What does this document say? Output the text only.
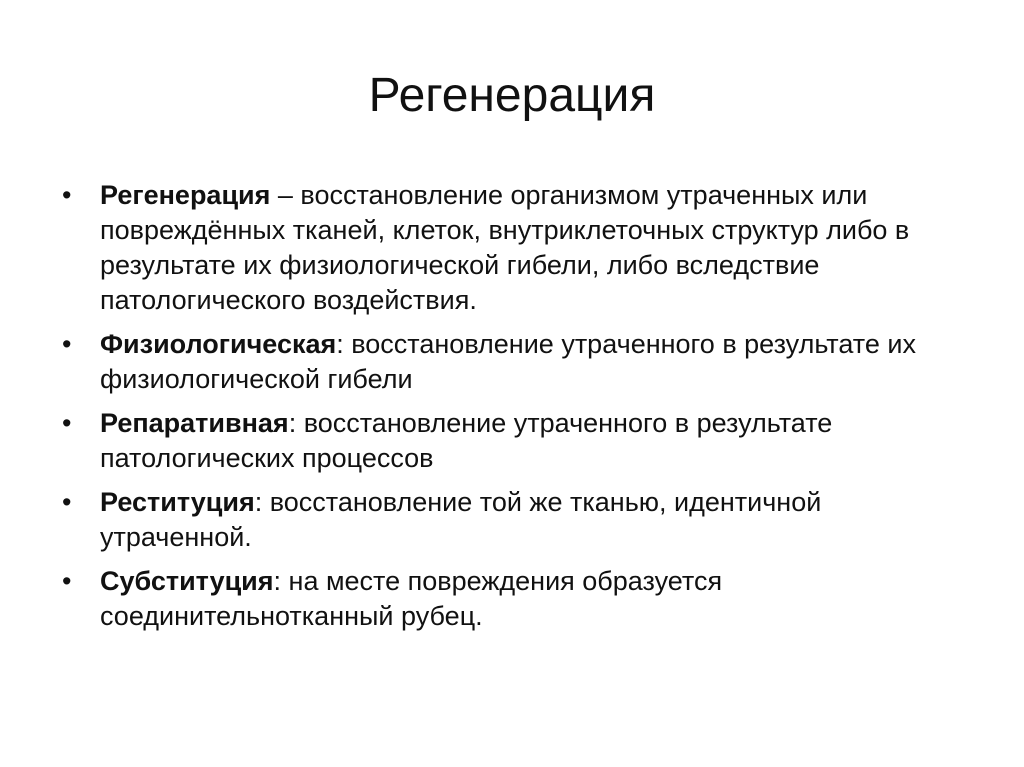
Регенерация
• Регенерация – восстановление организмом утраченных или повреждённых тканей, клеток, внутриклеточных структур либо в результате их физиологической гибели, либо вследствие патологического воздействия.
• Физиологическая: восстановление утраченного в результате их физиологической гибели
• Репаративная: восстановление утраченного в результате патологических процессов
• Реституция: восстановление той же тканью, идентичной утраченной.
• Субституция: на месте повреждения образуется соединительнотканный рубец.
